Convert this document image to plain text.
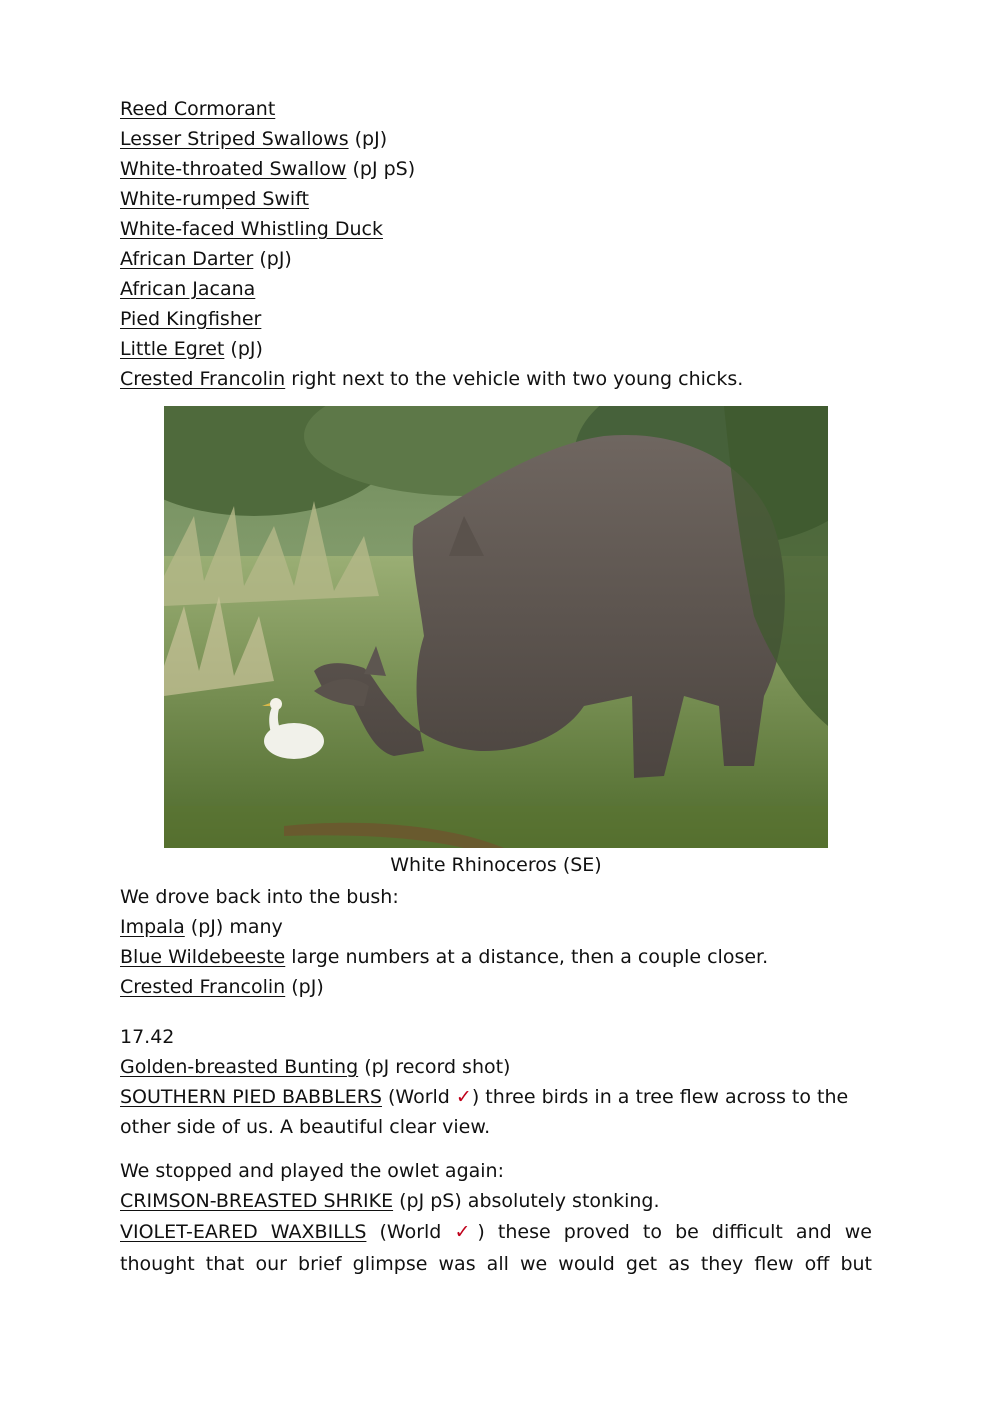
Reed Cormorant
Lesser Striped Swallows (pJ)
White-throated Swallow (pJ pS)
White-rumped Swift
White-faced Whistling Duck
African Darter (pJ)
African Jacana
Pied Kingfisher
Little Egret (pJ)
Crested Francolin right next to the vehicle with two young chicks.
White Rhinoceros (SE)
We drove back into the bush:
Impala (pJ) many
Blue Wildebeeste large numbers at a distance, then a couple closer.
Crested Francolin (pJ)
17.42
Golden-breasted Bunting (pJ record shot)
SOUTHERN PIED BABBLERS (World ✓) three birds in a tree flew across to the
other side of us. A beautiful clear view.
We stopped and played the owlet again:
CRIMSON-BREASTED SHRIKE (pJ pS) absolutely stonking.
VIOLET-EARED WAXBILLS (World ✓) these proved to be difficult and we
thought that our brief glimpse was all we would get as they flew off but
